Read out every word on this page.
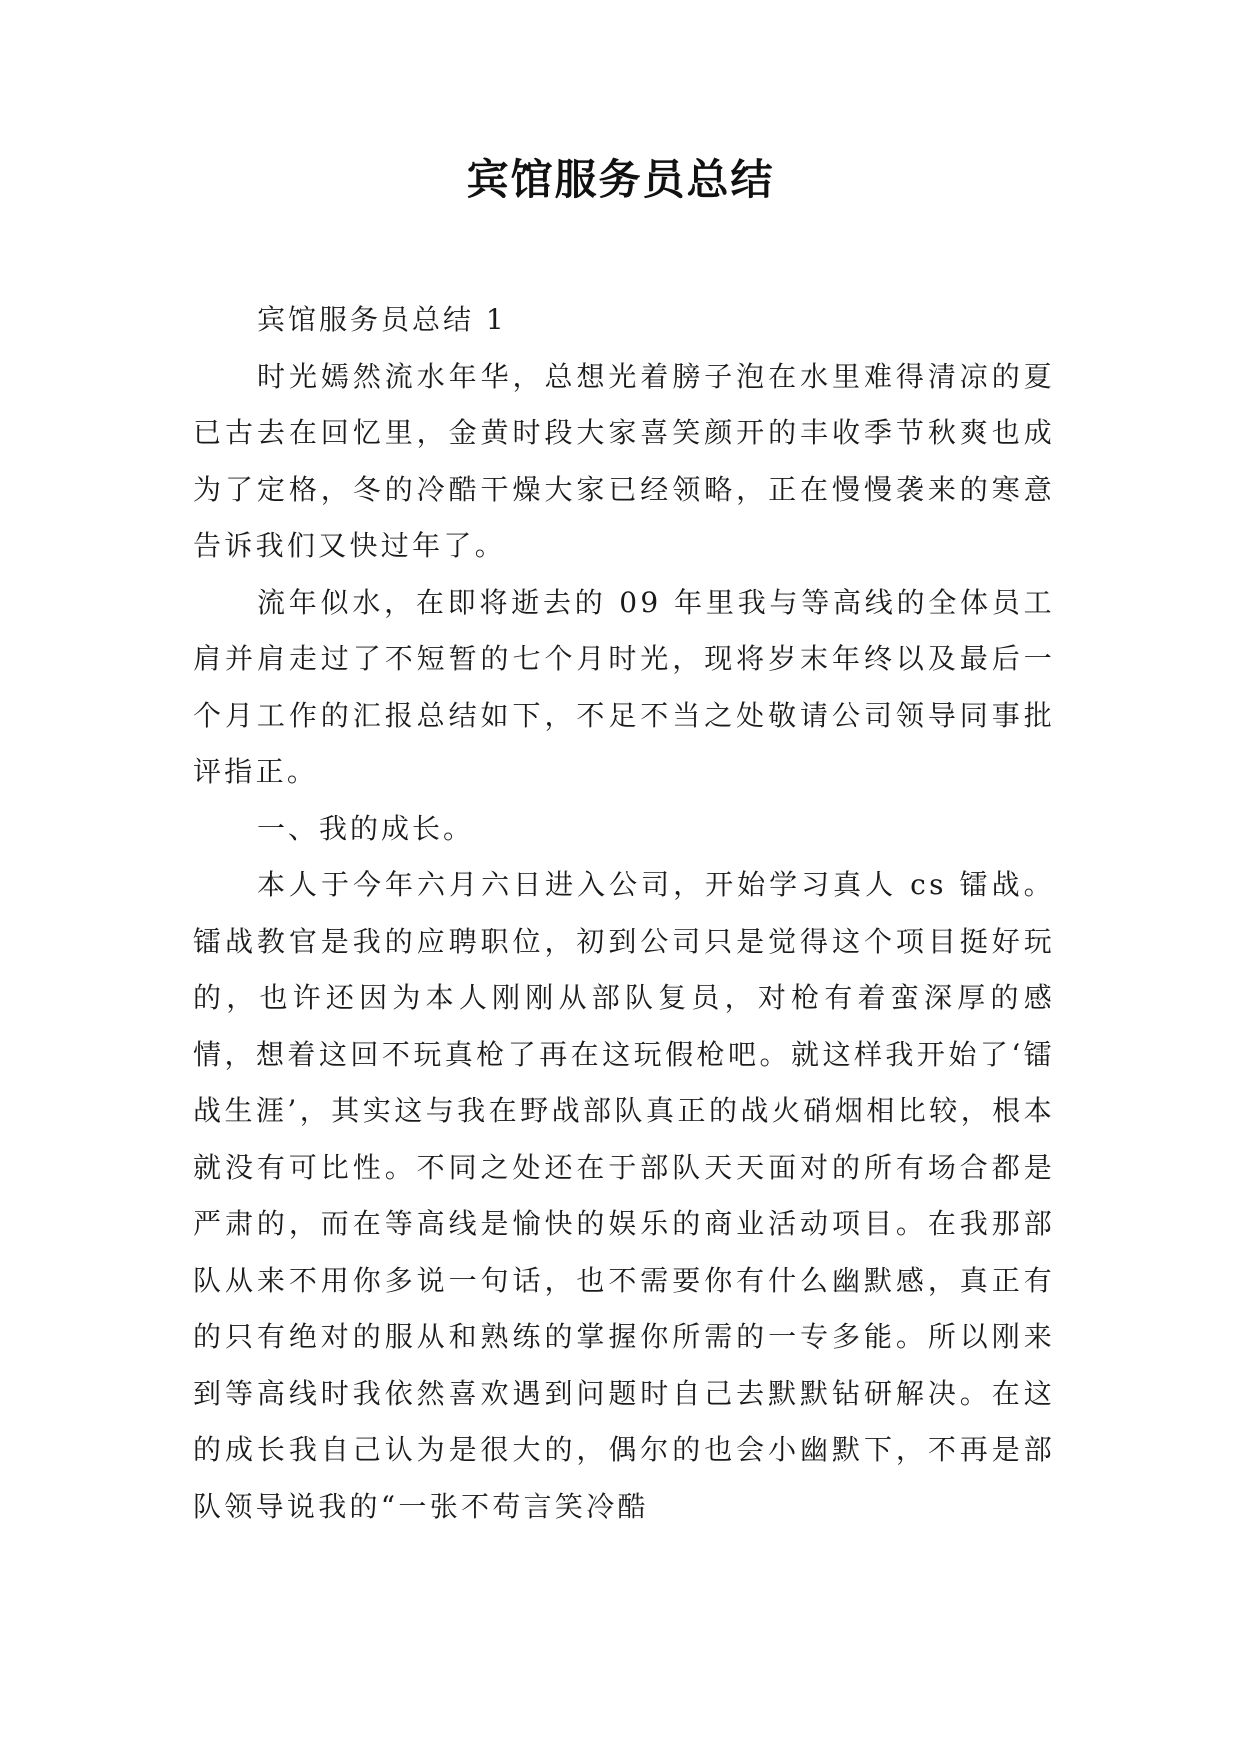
宾馆服务员总结

宾馆服务员总结 1

时光嫣然流水年华，总想光着膀子泡在水里难得清凉的夏已古去在回忆里，金黄时段大家喜笑颜开的丰收季节秋爽也成为了定格，冬的冷酷干燥大家已经领略，正在慢慢袭来的寒意告诉我们又快过年了。

流年似水，在即将逝去的 09 年里我与等高线的全体员工肩并肩走过了不短暂的七个月时光，现将岁末年终以及最后一个月工作的汇报总结如下，不足不当之处敬请公司领导同事批评指正。

一、我的成长。

本人于今年六月六日进入公司，开始学习真人 cs 镭战。镭战教官是我的应聘职位，初到公司只是觉得这个项目挺好玩的，也许还因为本人刚刚从部队复员，对枪有着蛮深厚的感情，想着这回不玩真枪了再在这玩假枪吧。就这样我开始了‘镭战生涯’，其实这与我在野战部队真正的战火硝烟相比较，根本就没有可比性。不同之处还在于部队天天面对的所有场合都是严肃的，而在等高线是愉快的娱乐的商业活动项目。在我那部队从来不用你多说一句话，也不需要你有什么幽默感，真正有的只有绝对的服从和熟练的掌握你所需的一专多能。所以刚来到等高线时我依然喜欢遇到问题时自己去默默钻研解决。在这的成长我自己认为是很大的，偶尔的也会小幽默下，不再是部队领导说我的“一张不苟言笑冷酷
